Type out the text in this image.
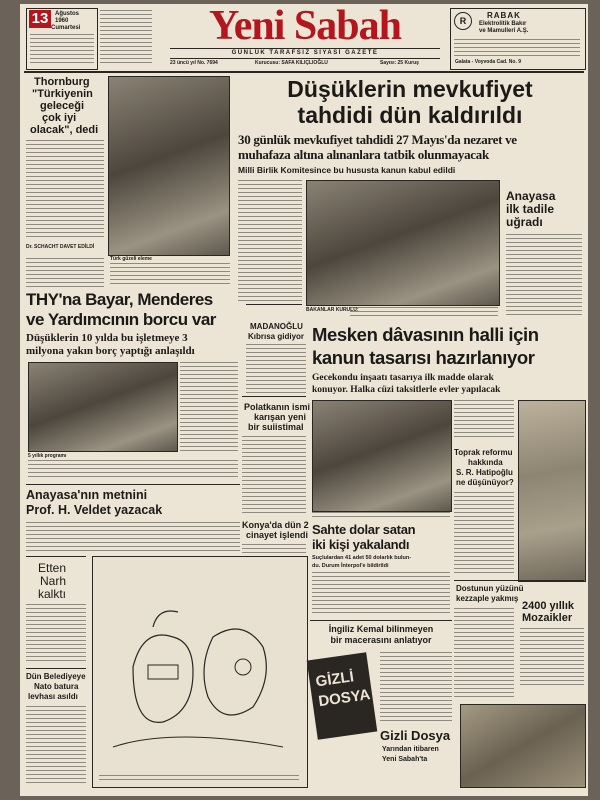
13	Ağustos
1960
Cumartesi	Yeni Sabah
GÜNLÜK TARAFSIZ SİYASİ GAZETE
23 üncü yıl No. 7694	Kurucusu: SAFA KILIÇLIOĞLU	Sayısı: 25 Kuruş
R
RABAK
Elektrolitik Bakır
ve Mamulleri A.Ş.
Galata - Voyvoda Cad. No. 9
Thornburg
"Türkiyenin
geleceği
çok iyi
olacak", dedi
Dr. SCHACHT DAVET EDİLDİ
Türk güzeli eleme
Düşüklerin mevkufiyet
tahdidi dün kaldırıldı
30 günlük mevkufiyet tahdidi 27 Mayıs'da nezaret ve
muhafaza altına alınanlara tatbik olunmayacak
Milli Birlik Komitesince bu hususta kanun kabul edildi
BAKANLAR KURULU:
Anayasa
ilk tadile
uğradı
THY'na Bayar, Menderes
ve Yardımcının borcu var
Düşüklerin 10 yılda bu işletmeye 3
milyona yakın borç yaptığı anlaşıldı
MADANOĞLU
Kıbrısa gidiyor Mesken dâvasının halli için
kanun tasarısı hazırlanıyor
Gecekondu inşaatı tasarıya ilk madde olarak
konuyor. Halka cüzi taksitlerle evler yapılacak
5 yıllık programı
Polatkanın ismi
karışan yeni
bir suiistimal
Toprak reformu
hakkında
S. R. Hatipoğlu
ne düşünüyor?
Anayasa'nın metnini
Prof. H. Veldet yazacak
Konya'da dün 2
cinayet işlendi Sahte dolar satan
iki kişi yakalandı
Suçlulardan 41 adet 50 dolarlık bulun-
du. Durum İnterpol'e bildirildi
Etten
Narh
kalktı
Dün Belediyeye
Nato batura
levhası asıldı
Dostunun yüzünü
kezzaple yakmış
2400 yıllık
Mozaikler
İngiliz Kemal bilinmeyen
bir macerasını anlatıyor
GİZLİ
DOSYA
Gizli Dosya
Yarından itibaren
Yeni Sabah'ta
